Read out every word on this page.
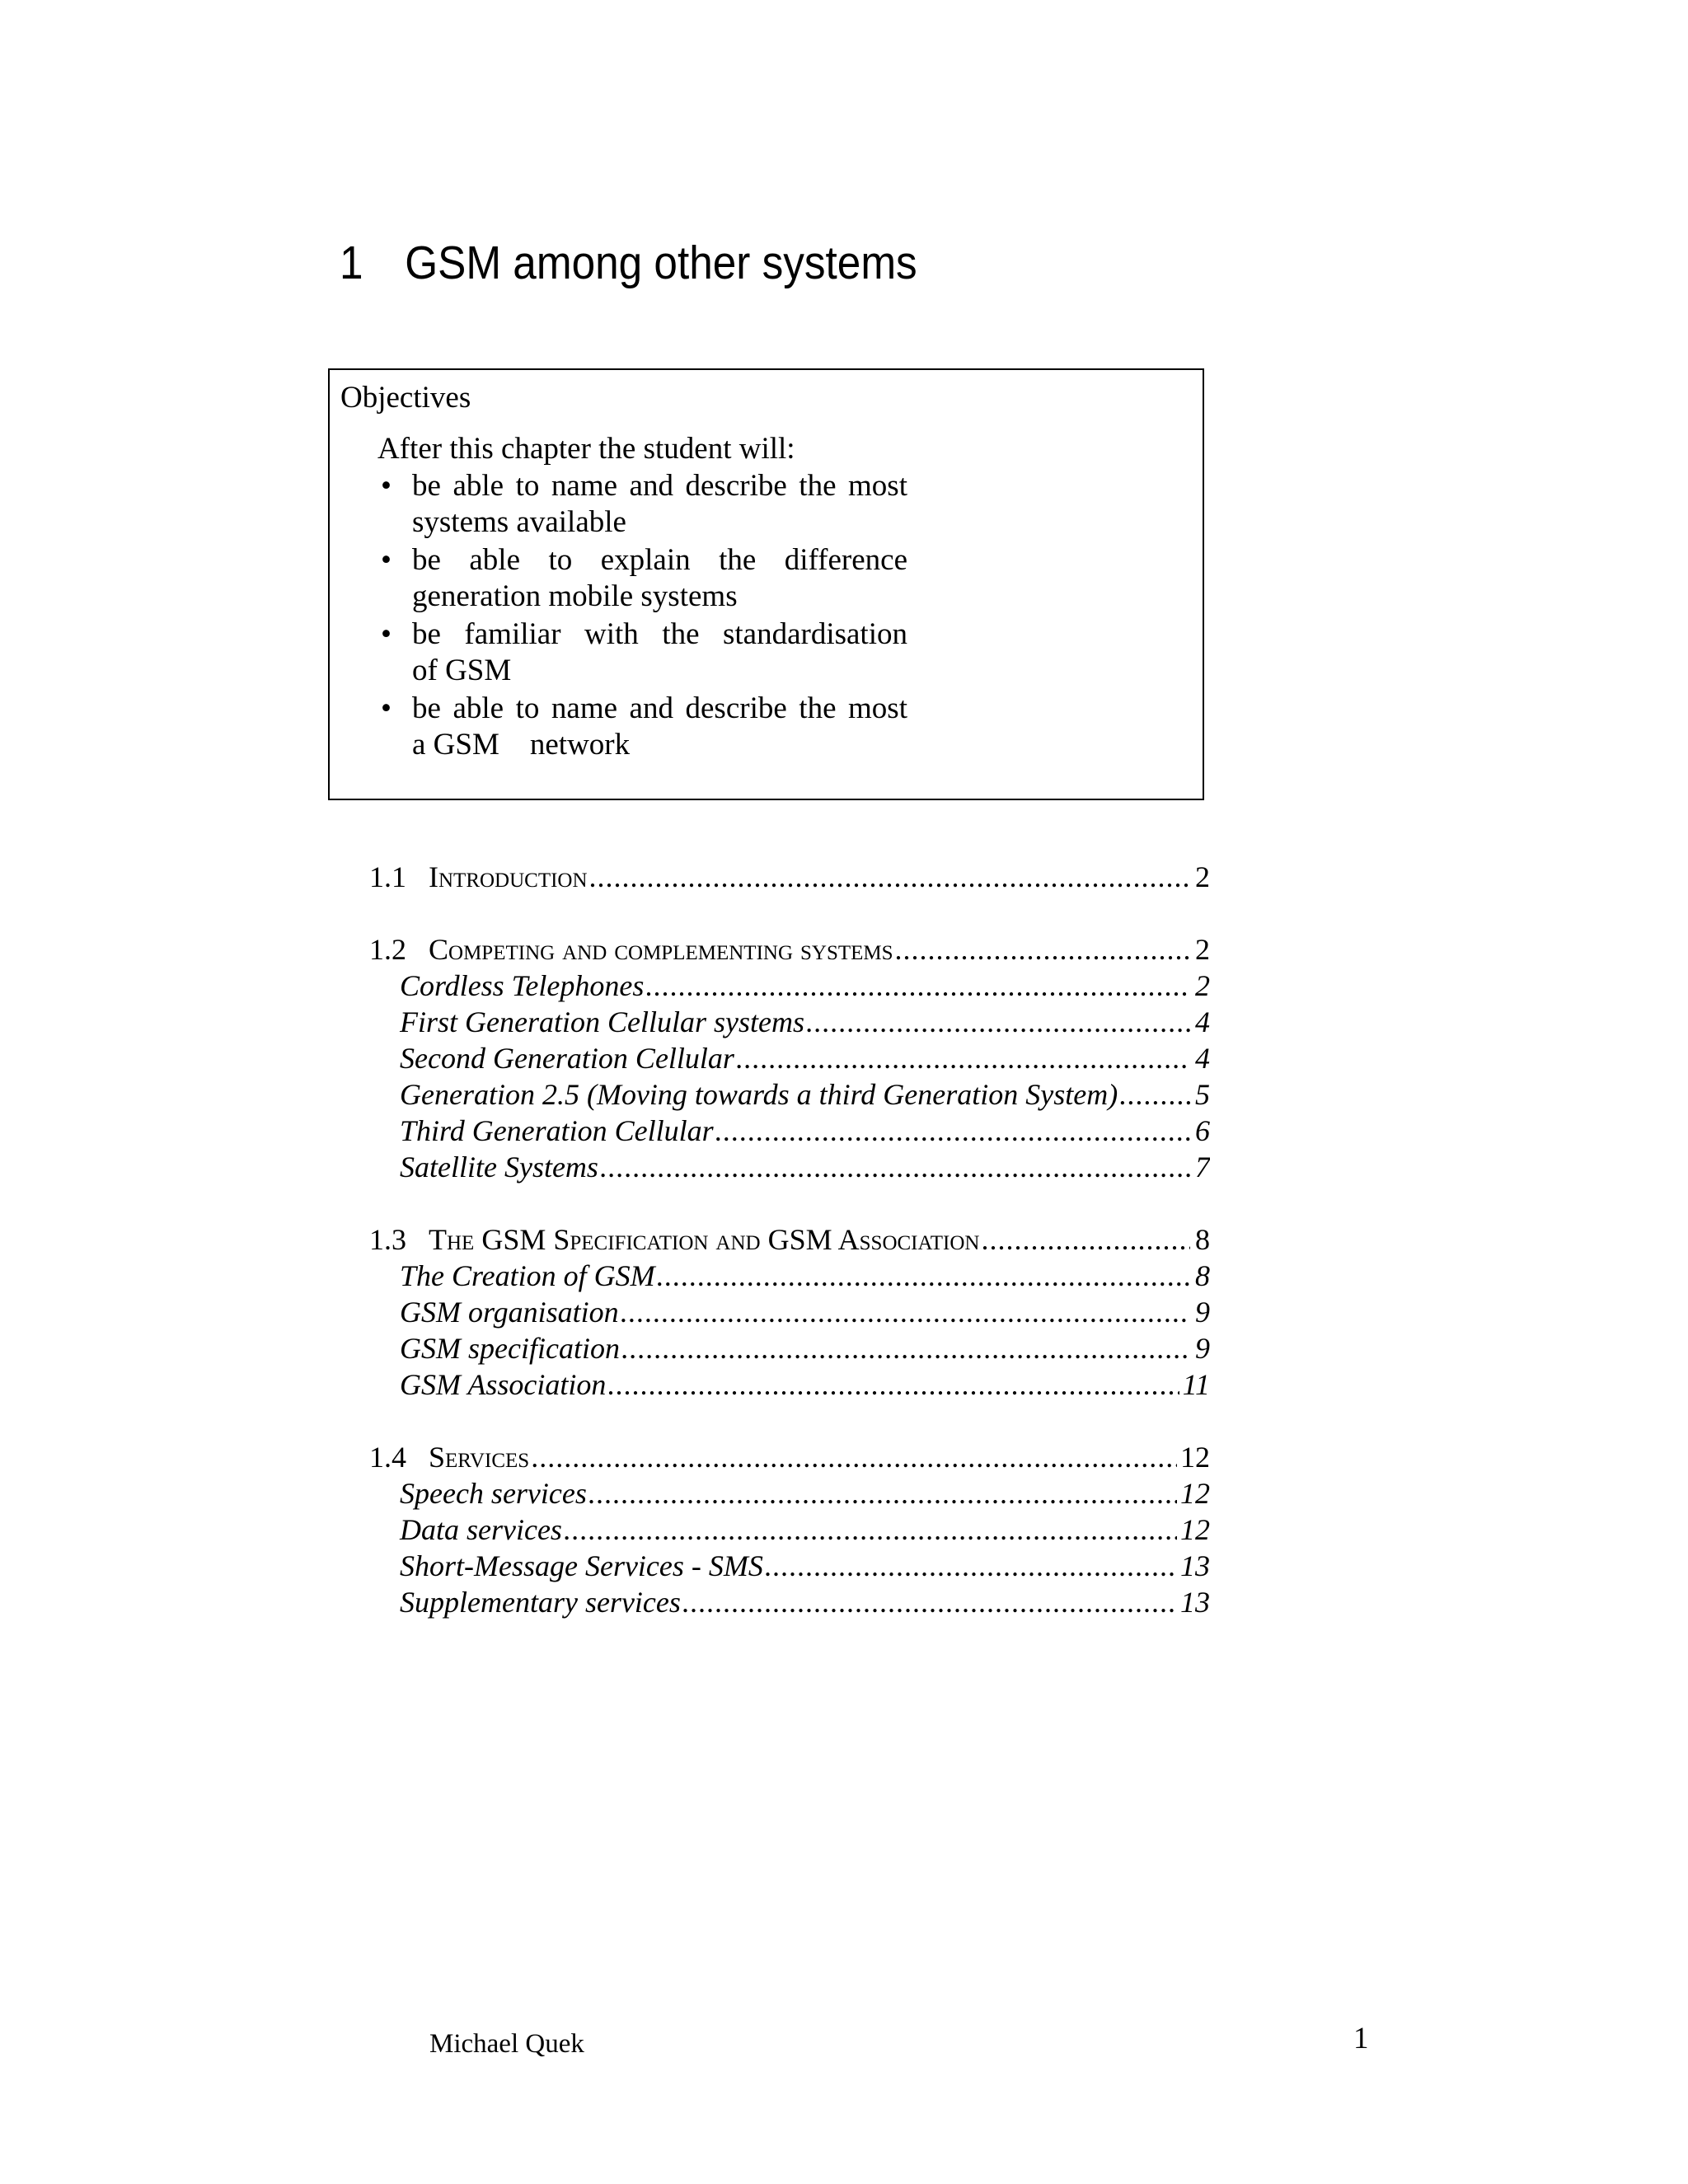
1 GSM among other systems
Objectives
After this chapter the student will:
• be able to name and describe the most
systems available
• be able to explain the difference
generation mobile systems
• be familiar with the standardisation
of GSM
• be able to name and describe the most
a GSM    network
1.1 Introduction .....	2
1.2 Competing and complementing systems .....	2
Cordless Telephones .....	2
First Generation Cellular systems .....	4
Second Generation Cellular .....	4
Generation 2.5 (Moving towards a third Generation System) .....	5
Third Generation Cellular .....	6
Satellite Systems .....	7
1.3 The GSM Specification and GSM Association .....	8
The Creation of GSM .....	8
GSM organisation .....	9
GSM specification .....	9
GSM Association .....	11
1.4 Services .....	12
Speech services .....	12
Data services .....	12
Short-Message Services - SMS .....	13
Supplementary services .....	13
Michael Quek	1
